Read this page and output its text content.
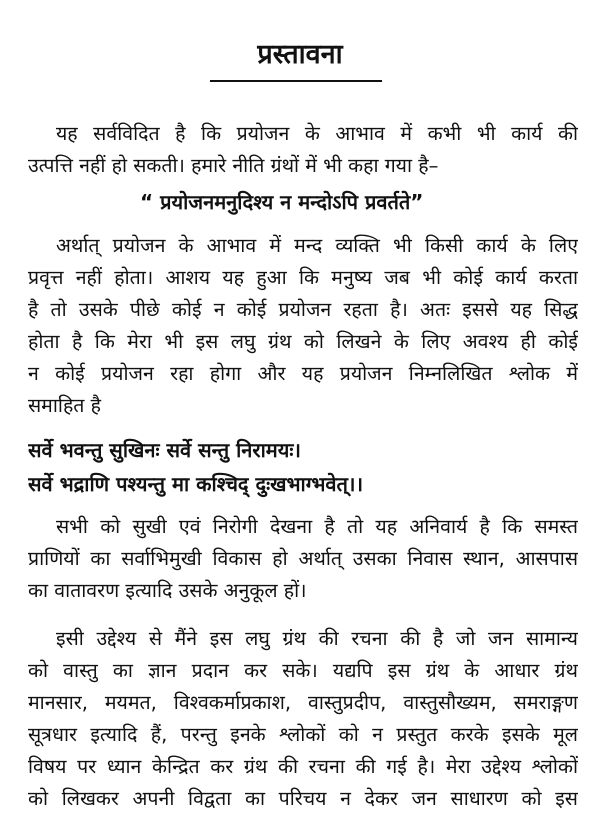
प्रस्तावना
यह सर्वविदित है कि प्रयोजन के आभाव में कभी भी कार्य की
उत्पत्ति नहीं हो सकती। हमारे नीति ग्रंथों में भी कहा गया है–
“ प्रयोजनमनुदिश्य न मन्दोऽपि प्रवर्तते”
अर्थात् प्रयोजन के आभाव में मन्द व्यक्ति भी किसी कार्य के लिए
प्रवृत्त नहीं होता। आशय यह हुआ कि मनुष्य जब भी कोई कार्य करता
है तो उसके पीछे कोई न कोई प्रयोजन रहता है। अतः इससे यह सिद्ध
होता है कि मेरा भी इस लघु ग्रंथ को लिखने के लिए अवश्य ही कोई
न कोई प्रयोजन रहा होगा और यह प्रयोजन निम्नलिखित श्लोक में
समाहित है
सर्वे भवन्तु सुखिनः सर्वे सन्तु निरामयः।
सर्वे भद्राणि पश्यन्तु मा कश्चिद् दुःखभाग्भवेत्।।
सभी को सुखी एवं निरोगी देखना है तो यह अनिवार्य है कि समस्त
प्राणियों का सर्वाभिमुखी विकास हो अर्थात् उसका निवास स्थान, आसपास
का वातावरण इत्यादि उसके अनुकूल हों।
इसी उद्देश्य से मैंने इस लघु ग्रंथ की रचना की है जो जन सामान्य
को वास्तु का ज्ञान प्रदान कर सके। यद्यपि इस ग्रंथ के आधार ग्रंथ
मानसार, मयमत, विश्वकर्माप्रकाश, वास्तुप्रदीप, वास्तुसौख्यम, समराङ्गण
सूत्रधार इत्यादि हैं, परन्तु इनके श्लोकों को न प्रस्तुत करके इसके मूल
विषय पर ध्यान केन्द्रित कर ग्रंथ की रचना की गई है। मेरा उद्देश्य श्लोकों
को लिखकर अपनी विद्वता का परिचय न देकर जन साधारण को इस
